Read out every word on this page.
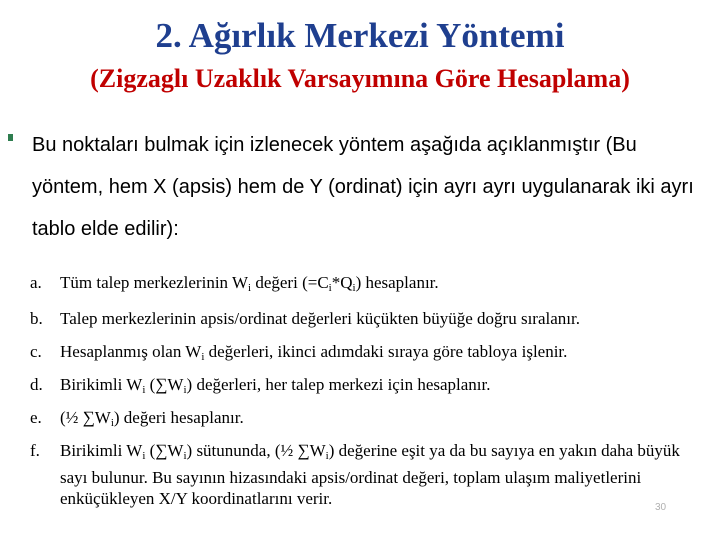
2. Ağırlık Merkezi Yöntemi
(Zigzaglı Uzaklık Varsayımına Göre Hesaplama)
Bu noktaları bulmak için izlenecek yöntem aşağıda açıklanmıştır (Bu yöntem, hem X (apsis) hem de Y (ordinat) için ayrı ayrı uygulanarak iki ayrı tablo elde edilir):
a. Tüm talep merkezlerinin $W_i$ değeri $(=C_i*Q_i)$ hesaplanır.
b. Talep merkezlerinin apsis/ordinat değerleri küçükten büyüğe doğru sıralanır.
c. Hesaplanmış olan $W_i$ değerleri, ikinci adımdaki sıraya göre tabloya işlenir.
d. Birikimli $W_i$ $(\sum W_i)$ değerleri, her talep merkezi için hesaplanır.
e. (½ $\sum W_i$) değeri hesaplanır.
f. Birikimli $W_i$ $(\sum W_i)$ sütununda, (½ $\sum W_i$) değerine eşit ya da bu sayıya en yakın daha büyük sayı bulunur. Bu sayının hizasındaki apsis/ordinat değeri, toplam ulaşım maliyetlerini enküçükleyen X/Y koordinatlarını verir.	30
